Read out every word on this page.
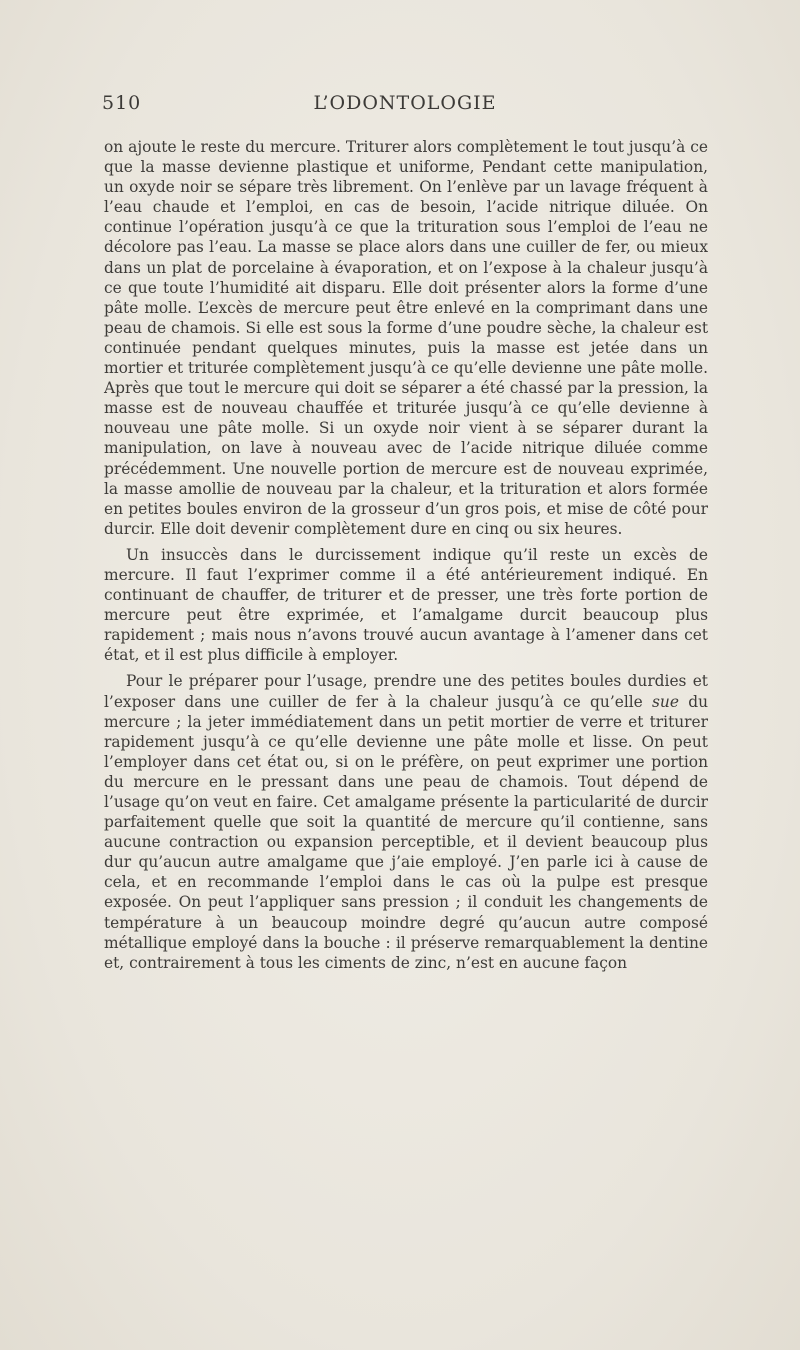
510	L’ODONTOLOGIE

on ajoute le reste du mercure. Triturer alors complètement le tout jusqu’à ce que la masse devienne plastique et uniforme, Pendant cette manipulation, un oxyde noir se sépare très librement. On l’enlève par un lavage fréquent à l’eau chaude et l’emploi, en cas de besoin, l’acide nitrique diluée. On continue l’opération jusqu’à ce que la trituration sous l’emploi de l’eau ne décolore pas l’eau. La masse se place alors dans une cuiller de fer, ou mieux dans un plat de porcelaine à évaporation, et on l’expose à la chaleur jusqu’à ce que toute l’humidité ait disparu. Elle doit présenter alors la forme d’une pâte molle. L’excès de mercure peut être enlevé en la comprimant dans une peau de chamois. Si elle est sous la forme d’une poudre sèche, la chaleur est continuée pendant quelques minutes, puis la masse est jetée dans un mortier et triturée complètement jusqu’à ce qu’elle devienne une pâte molle. Après que tout le mercure qui doit se séparer a été chassé par la pression, la masse est de nouveau chauffée et triturée jusqu’à ce qu’elle devienne à nouveau une pâte molle. Si un oxyde noir vient à se séparer durant la manipulation, on lave à nouveau avec de l’acide nitrique diluée comme précédemment. Une nouvelle portion de mercure est de nouveau exprimée, la masse amollie de nouveau par la chaleur, et la trituration et alors formée en petites boules environ de la grosseur d’un gros pois, et mise de côté pour durcir. Elle doit devenir complètement dure en cinq ou six heures.

Un insuccès dans le durcissement indique qu’il reste un excès de mercure. Il faut l’exprimer comme il a été antérieurement indiqué. En continuant de chauffer, de triturer et de presser, une très forte portion de mercure peut être exprimée, et l’amalgame durcit beaucoup plus rapidement ; mais nous n’avons trouvé aucun avantage à l’amener dans cet état, et il est plus difficile à employer.

Pour le préparer pour l’usage, prendre une des petites boules durdies et l’exposer dans une cuiller de fer à la chaleur jusqu’à ce qu’elle sue du mercure ; la jeter immédiatement dans un petit mortier de verre et triturer rapidement jusqu’à ce qu’elle devienne une pâte molle et lisse. On peut l’employer dans cet état ou, si on le préfère, on peut exprimer une portion du mercure en le pressant dans une peau de chamois. Tout dépend de l’usage qu’on veut en faire. Cet amalgame présente la particularité de durcir parfaitement quelle que soit la quantité de mercure qu’il contienne, sans aucune contraction ou expansion perceptible, et il devient beaucoup plus dur qu’aucun autre amalgame que j’aie employé. J’en parle ici à cause de cela, et en recommande l’emploi dans le cas où la pulpe est presque exposée. On peut l’appliquer sans pression ; il conduit les changements de température à un beaucoup moindre degré qu’aucun autre composé métallique employé dans la bouche : il préserve remarquablement la dentine et, contrairement à tous les ciments de zinc, n’est en aucune façon
